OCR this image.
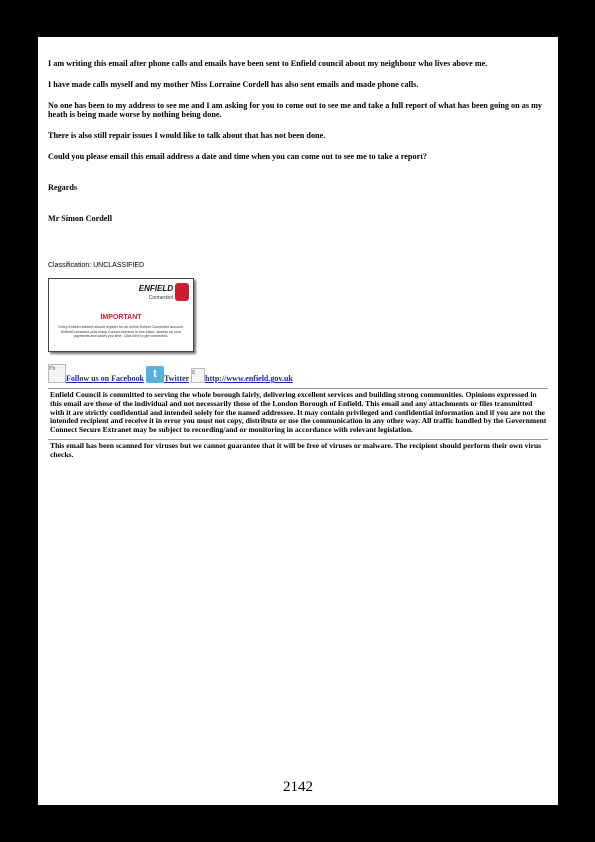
I am writing this email after phone calls and emails have been sent to Enfield council about my neighbour who lives above me.

I have made calls myself and my mother Miss Lorraine Cordell has also sent emails and made phone calls.

No one has been to my address to see me and I am asking for you to come out to see me and take a full report of what has been going on as my heath is being made worse by nothing being done.

There is also still repair issues I would like to talk about that has not been done.

Could you please email this email address a date and time when you can come out to see me to take a report?

Regards

Mr Simon Cordell

Classification: UNCLASSIFIED
ENFIELD
Connected
IMPORTANT
Every Enfield resident should register for an online Enfield Connected account. EnfieldConnected puts many Council services in one place, speeds up your payments and saves you time. Click here to get connected.
FbFollow us on Facebook t Twitter Ehttp://www.enfield.gov.uk
Enfield Council is committed to serving the whole borough fairly, delivering excellent services and building strong communities. Opinions expressed in this email are those of the individual and not necessarily those of the London Borough of Enfield. This email and any attachments or files transmitted with it are strictly confidential and intended solely for the named addressee. It may contain privileged and confidential information and if you are not the intended recipient and receive it in error you must not copy, distribute or use the communication in any other way. All traffic handled by the Government Connect Secure Extranet may be subject to recording/and or monitoring in accordance with relevant legislation.
This email has been scanned for viruses but we cannot guarantee that it will be free of viruses or malware. The recipient should perform their own virus checks.
2142
